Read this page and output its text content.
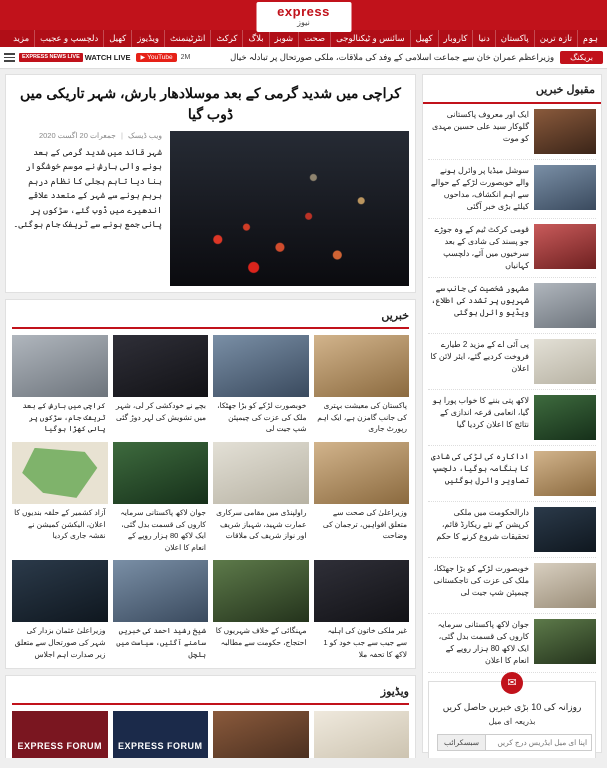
express
نیوز
ہوم
تازہ ترین
پاکستان
دنیا
کاروبار
کھیل
سائنس و ٹیکنالوجی
صحت
شوبز
بلاگ
کرکٹ
انٹرٹینمنٹ
ویڈیوز
کھیل
دلچسپ و عجیب
مزید
EXPRESS NEWS LIVE WATCH LIVE ▶ YouTube 2M	وزیراعظم عمران خان سے جماعت اسلامی کے وفد کی ملاقات، ملکی صورتحال پر تبادلہ خیال	بریکنگ
مقبول خبریں
ایک اور معروف پاکستانی گلوکار سید علی حسین مہدی کو موت
سوشل میڈیا پر وائرل ہونے والے خوبصورت لڑکے کے حوالے سے اہم انکشاف، مداحوں کیلئے بڑی خبر آگئی
قومی کرکٹ ٹیم کے وہ جوڑے جو پسند کی شادی کے بعد سرخیوں میں آئے، دلچسپ کہانیاں
مشہور شخصیت کی جانب سے شہریوں پر تشدد کی اطلاع، ویڈیو وائرل ہوگئی
پی آئی اے کے مزید 2 طیارے فروخت کردیے گئے، ایئر لائن کا اعلان
لاکھ پتی بننے کا خواب پورا ہو گیا، انعامی قرعہ اندازی کے نتائج کا اعلان کردیا گیا
اداکارہ کی لڑکی کی شادی کا ہنگامہ ہوگیا، دلچسپ تصاویر وائرل ہوگئیں
دارالحکومت میں ملکی کرپشن کے نئے ریکارڈ قائم، تحقیقات شروع کرنے کا حکم
خوبصورت لڑکے کو بڑا جھٹکا، ملک کی عزت کی تاجکستانی چیمپئن شپ جیت لی
جوان لاکھ پاکستانی سرمایہ کاروں کی قسمت بدل گئی، ایک لاکھ 80 ہزار روپے کے انعام کا اعلان
✉
روزانہ کی 10 بڑی خبریں حاصل کریں
بذریعہ ای میل
سبسکرائب
اپنا ای میل ایڈریس درج کریں
کراچی میں شدید گرمی کے بعد موسلادھار بارش، شہر تاریکی میں ڈوب گیا
ویب ڈیسک | جمعرات 20 اگست 2020
شہر قائد میں شدید گرمی کے بعد ہونے والی بارش نے موسم خوشگوار بنا دیا تاہم بجلی کا نظام درہم برہم ہونے سے شہر کے متعدد علاقے اندھیرے میں ڈوب گئے، سڑکوں پر پانی جمع ہونے سے ٹریفک جام ہوگئی۔
خبریں
پاکستان کی معیشت بہتری کی جانب گامزن ہے، ایک اہم رپورٹ جاری
خوبصورت لڑکے کو بڑا جھٹکا، ملک کی عزت کی چیمپئن شپ جیت لی
بچے نے خودکشی کر لی، شہر میں تشویش کی لہر دوڑ گئی
کراچی میں بارش کے بعد ٹریفک جام، سڑکوں پر پانی کھڑا ہوگیا
وزیراعلیٰ کی صحت سے متعلق افواہیں، ترجمان کی وضاحت
راولپنڈی میں مقامی سرکاری عمارت شہید، شہباز شریف اور نواز شریف کی ملاقات
جوان لاکھ پاکستانی سرمایہ کاروں کی قسمت بدل گئی، ایک لاکھ 80 ہزار روپے کے انعام کا اعلان
آزاد کشمیر کے حلقہ بندیوں کا اعلان، الیکشن کمیشن نے نقشہ جاری کردیا
غیر ملکی خاتون کی اہلیہ سے جیب سے جب خود کو 1 لاکھ کا تحفہ ملا
مہنگائی کے خلاف شہریوں کا احتجاج، حکومت سے مطالبہ
شیخ رشید احمد کی خبریں سامنے آگئیں، سیاست میں ہلچل
وزیراعلیٰ عثمان بزدار کی شہر کی صورتحال سے متعلق زیر صدارت اہم اجلاس
ویڈیوز
EXPRESS FORUM
EXPRESS FORUM
